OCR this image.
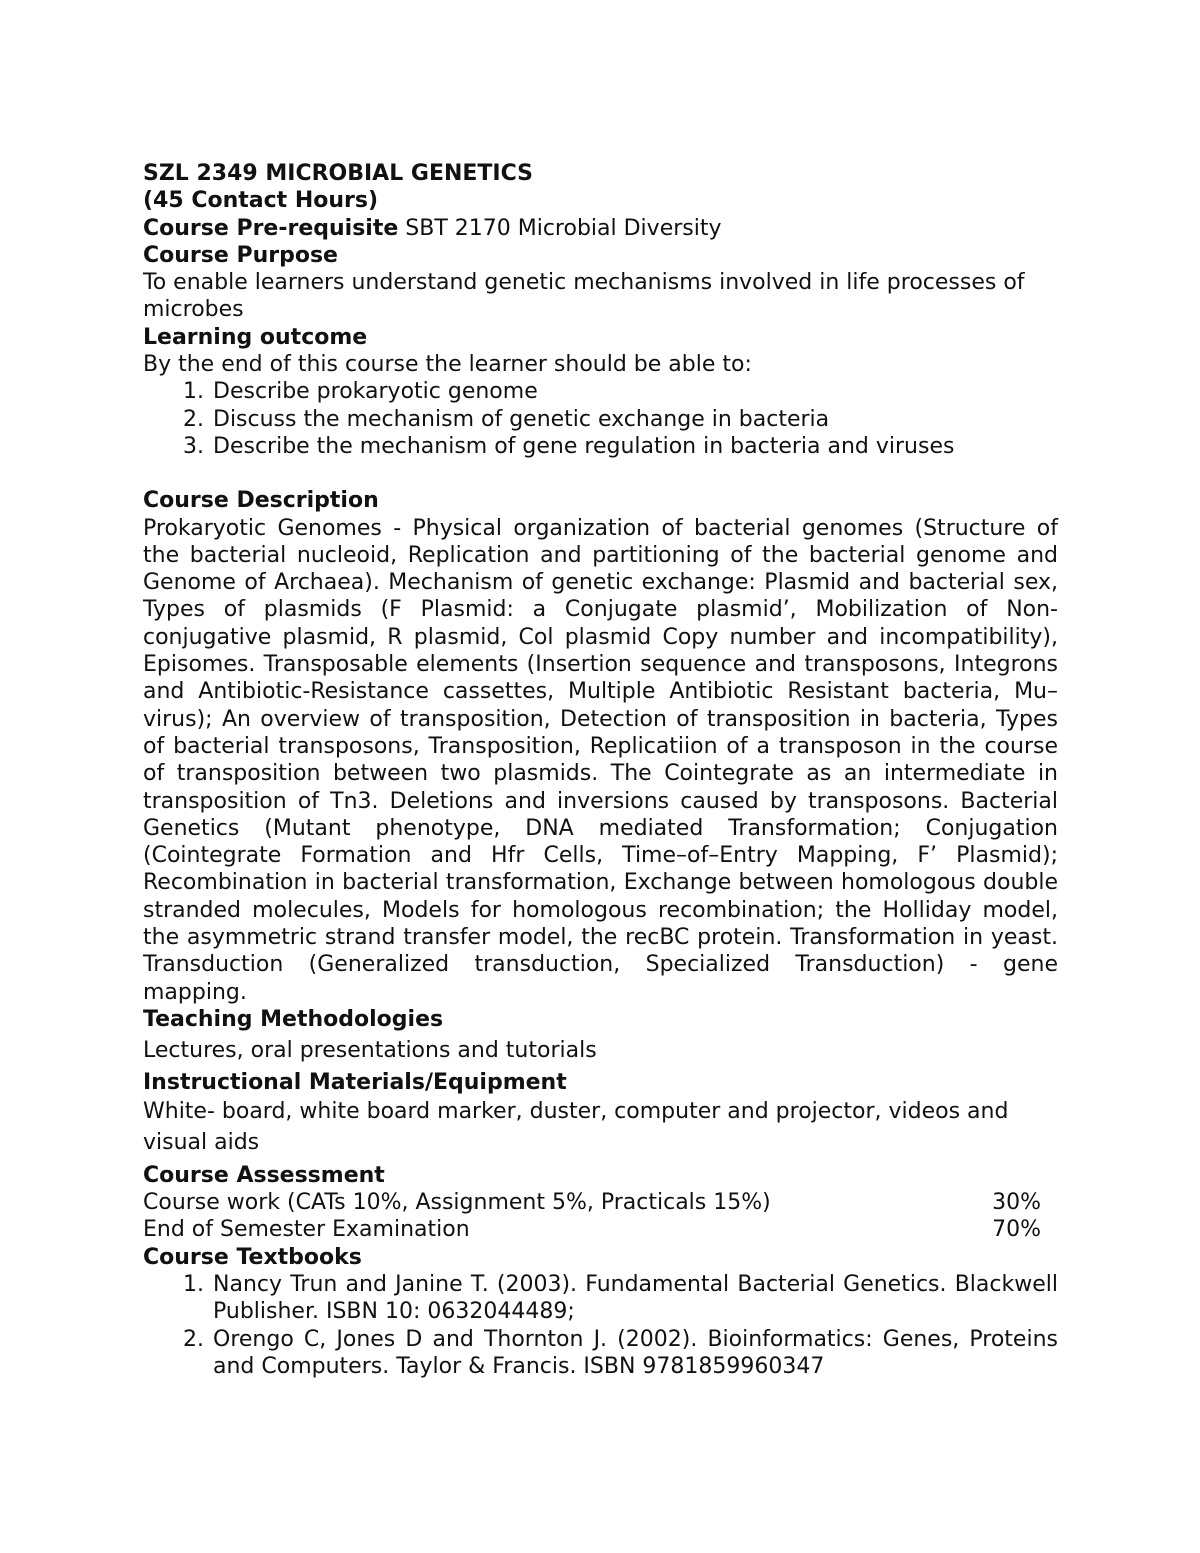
SZL 2349 MICROBIAL GENETICS
(45 Contact Hours)
Course Pre-requisite SBT 2170 Microbial Diversity
Course Purpose
To enable learners understand genetic mechanisms involved in life processes of microbes
Learning outcome
By the end of this course the learner should be able to:
1. Describe prokaryotic genome
2. Discuss the mechanism of genetic exchange in bacteria
3. Describe the mechanism of gene regulation in bacteria and viruses
Course Description
Prokaryotic Genomes - Physical organization of bacterial genomes (Structure of the bacterial nucleoid, Replication and partitioning of the bacterial genome and Genome of Archaea). Mechanism of genetic exchange: Plasmid and bacterial sex, Types of plasmids (F Plasmid: a Conjugate plasmid’, Mobilization of Non-conjugative plasmid, R plasmid, Col plasmid Copy number and incompatibility), Episomes. Transposable elements (Insertion sequence and transposons, Integrons and Antibiotic-Resistance cassettes, Multiple Antibiotic Resistant bacteria, Mu–virus); An overview of transposition, Detection of transposition in bacteria, Types of bacterial transposons, Transposition, Replicatiion of a transposon in the course of transposition between two plasmids. The Cointegrate as an intermediate in transposition of Tn3. Deletions and inversions caused by transposons. Bacterial Genetics (Mutant phenotype, DNA mediated Transformation; Conjugation (Cointegrate Formation and Hfr Cells, Time–of–Entry Mapping, F’ Plasmid); Recombination in bacterial transformation, Exchange between homologous double stranded molecules, Models for homologous recombination; the Holliday model, the asymmetric strand transfer model, the recBC protein. Transformation in yeast. Transduction (Generalized transduction, Specialized Transduction) - gene mapping.
Teaching Methodologies
Lectures, oral presentations and tutorials
Instructional Materials/Equipment
White- board, white board marker, duster, computer and projector, videos and visual aids
Course Assessment
Course work (CATs 10%, Assignment 5%, Practicals 15%)	30%
End of Semester Examination	70%
Course Textbooks
1. Nancy Trun and Janine T. (2003). Fundamental Bacterial Genetics. Blackwell Publisher. ISBN 10: 0632044489;
2. Orengo C, Jones D and Thornton J. (2002). Bioinformatics: Genes, Proteins and Computers. Taylor & Francis. ISBN 9781859960347
